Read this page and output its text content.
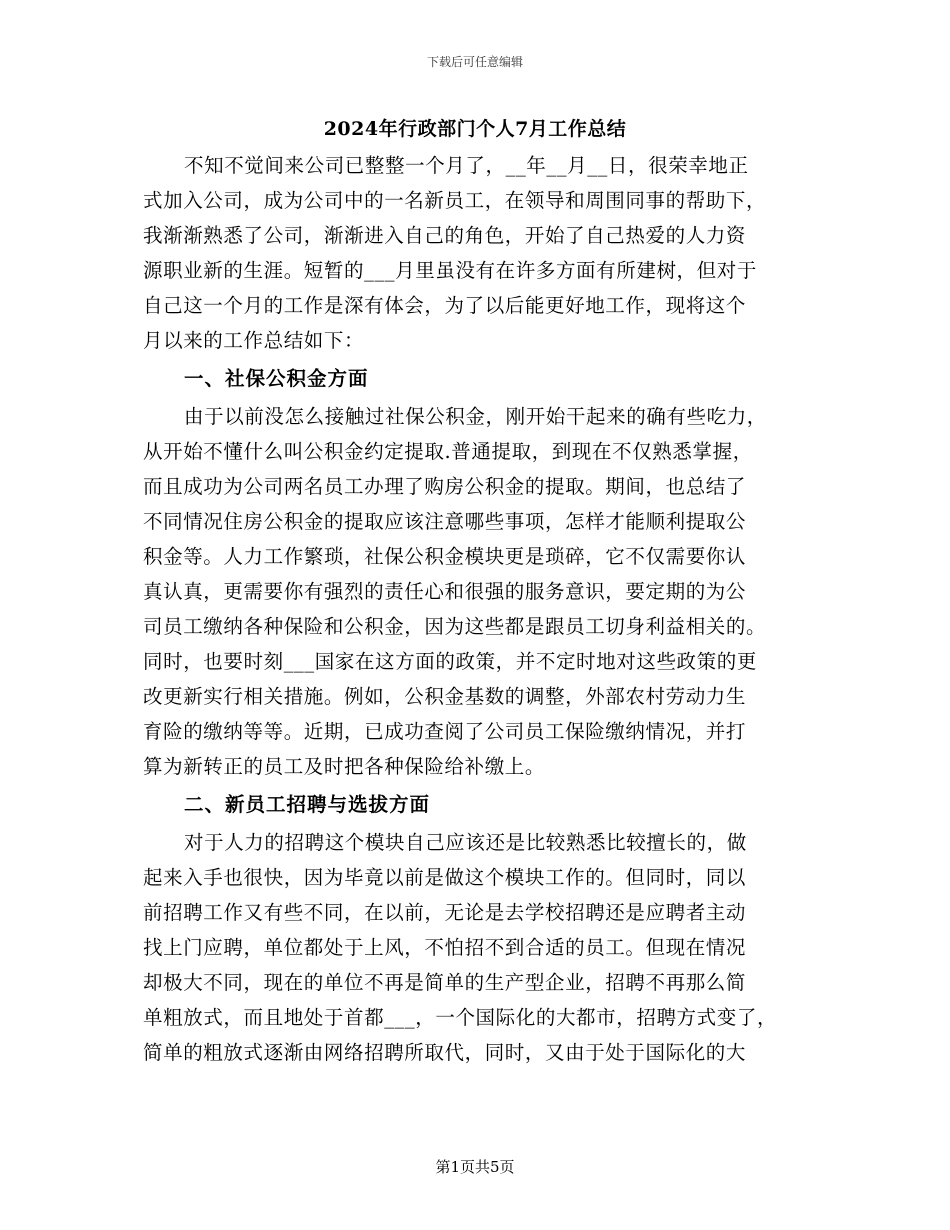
下载后可任意编辑
2024年行政部门个人7月工作总结
不知不觉间来公司已整整一个月了，__年__月__日，很荣幸地正
式加入公司，成为公司中的一名新员工，在领导和周围同事的帮助下，
我渐渐熟悉了公司，渐渐进入自己的角色，开始了自己热爱的人力资
源职业新的生涯。短暂的___月里虽没有在许多方面有所建树，但对于
自己这一个月的工作是深有体会，为了以后能更好地工作，现将这个
月以来的工作总结如下：
一、社保公积金方面
由于以前没怎么接触过社保公积金，刚开始干起来的确有些吃力，
从开始不懂什么叫公积金约定提取.普通提取，到现在不仅熟悉掌握，
而且成功为公司两名员工办理了购房公积金的提取。期间，也总结了
不同情况住房公积金的提取应该注意哪些事项，怎样才能顺利提取公
积金等。人力工作繁琐，社保公积金模块更是琐碎，它不仅需要你认
真认真，更需要你有强烈的责任心和很强的服务意识，要定期的为公
司员工缴纳各种保险和公积金，因为这些都是跟员工切身利益相关的。
同时，也要时刻___国家在这方面的政策，并不定时地对这些政策的更
改更新实行相关措施。例如，公积金基数的调整，外部农村劳动力生
育险的缴纳等等。近期，已成功查阅了公司员工保险缴纳情况，并打
算为新转正的员工及时把各种保险给补缴上。
二、新员工招聘与选拔方面
对于人力的招聘这个模块自己应该还是比较熟悉比较擅长的，做
起来入手也很快，因为毕竟以前是做这个模块工作的。但同时，同以
前招聘工作又有些不同，在以前，无论是去学校招聘还是应聘者主动
找上门应聘，单位都处于上风，不怕招不到合适的员工。但现在情况
却极大不同，现在的单位不再是简单的生产型企业，招聘不再那么简
单粗放式，而且地处于首都___，一个国际化的大都市，招聘方式变了，
简单的粗放式逐渐由网络招聘所取代，同时，又由于处于国际化的大
第1页共5页
